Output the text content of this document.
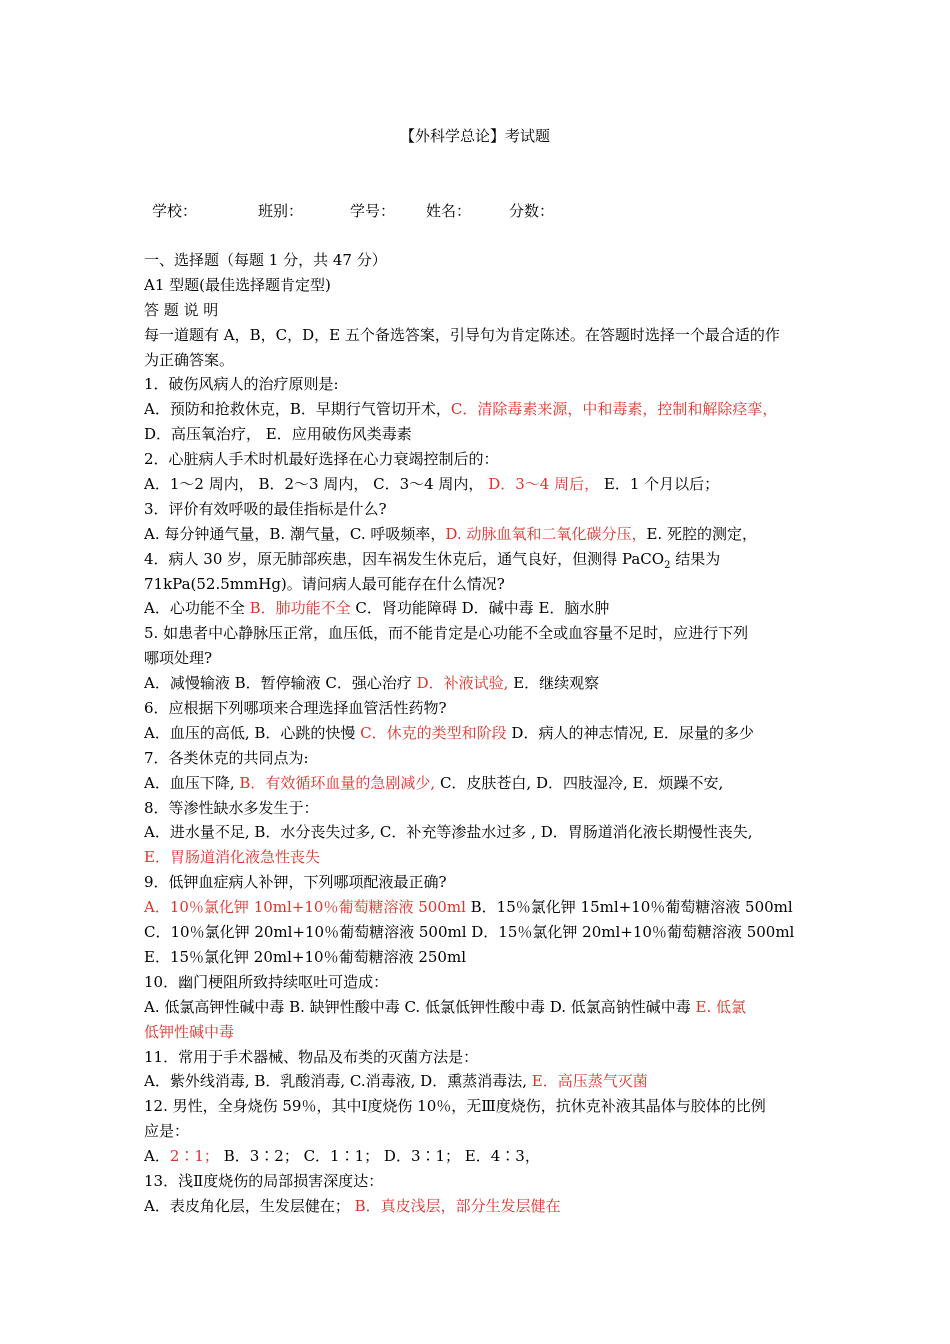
【外科学总论】考试题
学校：	班别：	学号： 姓名：	分数：
一、选择题（每题 1 分，共 47 分）
A1 型题(最佳选择题肯定型)
答 题 说 明
每一道题有 A，B，C，D，E 五个备选答案，引导句为肯定陈述。在答题时选择一个最合适的作
为正确答案。
1．破伤风病人的治疗原则是:
A．预防和抢救休克，B．早期行气管切开术，C．清除毒素来源，中和毒素，控制和解除痉挛，
D．高压氧治疗， E．应用破伤风类毒素
2．心脏病人手术时机最好选择在心力衰竭控制后的：
A．1～2 周内， B．2～3 周内， C．3～4 周内， D．3～4 周后， E．1 个月以后；
3．评价有效呼吸的最佳指标是什么?
A. 每分钟通气量，B. 潮气量，C. 呼吸频率，D. 动脉血氧和二氧化碳分压，E. 死腔的测定，
4．病人 30 岁，原无肺部疾患，因车祸发生休克后，通气良好，但测得 PaCO$_2$ 结果为
71kPa(52.5mmHg)。请问病人最可能存在什么情况?
A．心功能不全 B．肺功能不全 C．肾功能障碍 D．碱中毒 E．脑水肿
5. 如患者中心静脉压正常，血压低，而不能肯定是心功能不全或血容量不足时，应进行下列
哪项处理?
A．减慢输液 B．暂停输液 C．强心治疗 D．补液试验, E．继续观察
6．应根据下列哪项来合理选择血管活性药物?
A．血压的高低, B．心跳的快慢 C．休克的类型和阶段 D．病人的神志情况, E．尿量的多少
7．各类休克的共同点为:
A．血压下降, B．有效循环血量的急剧减少, C．皮肤苍白, D．四肢湿冷, E．烦躁不安,
8．等渗性缺水多发生于：
A．进水量不足, B．水分丧失过多, C．补充等渗盐水过多 , D．胃肠道消化液长期慢性丧失,
E．胃肠道消化液急性丧失
9．低钾血症病人补钾，下列哪项配液最正确?
A．10％氯化钾 10ml+10％葡萄糖溶液 500ml B．15％氯化钾 15ml+10％葡萄糖溶液 500ml
C．10％氯化钾 20ml+10％葡萄糖溶液 500ml D．15％氯化钾 20ml+10％葡萄糖溶液 500ml
E．15％氯化钾 20ml+10％葡萄糖溶液 250ml
10．幽门梗阻所致持续呕吐可造成：
A. 低氯高钾性碱中毒 B. 缺钾性酸中毒 C. 低氯低钾性酸中毒 D. 低氯高钠性碱中毒 E. 低氯
低钾性碱中毒
11．常用于手术器械、物品及布类的灭菌方法是：
A．紫外线消毒, B．乳酸消毒, C.消毒液, D．熏蒸消毒法, E．高压蒸气灭菌
12. 男性，全身烧伤 59％，其中Ⅰ度烧伤 10％，无Ⅲ度烧伤，抗休克补液其晶体与胶体的比例
应是：
A．2∶1； B．3∶2； C．1∶1； D．3∶1； E．4∶3，
13．浅Ⅱ度烧伤的局部损害深度达：
A．表皮角化层，生发层健在； B．真皮浅层，部分生发层健在
